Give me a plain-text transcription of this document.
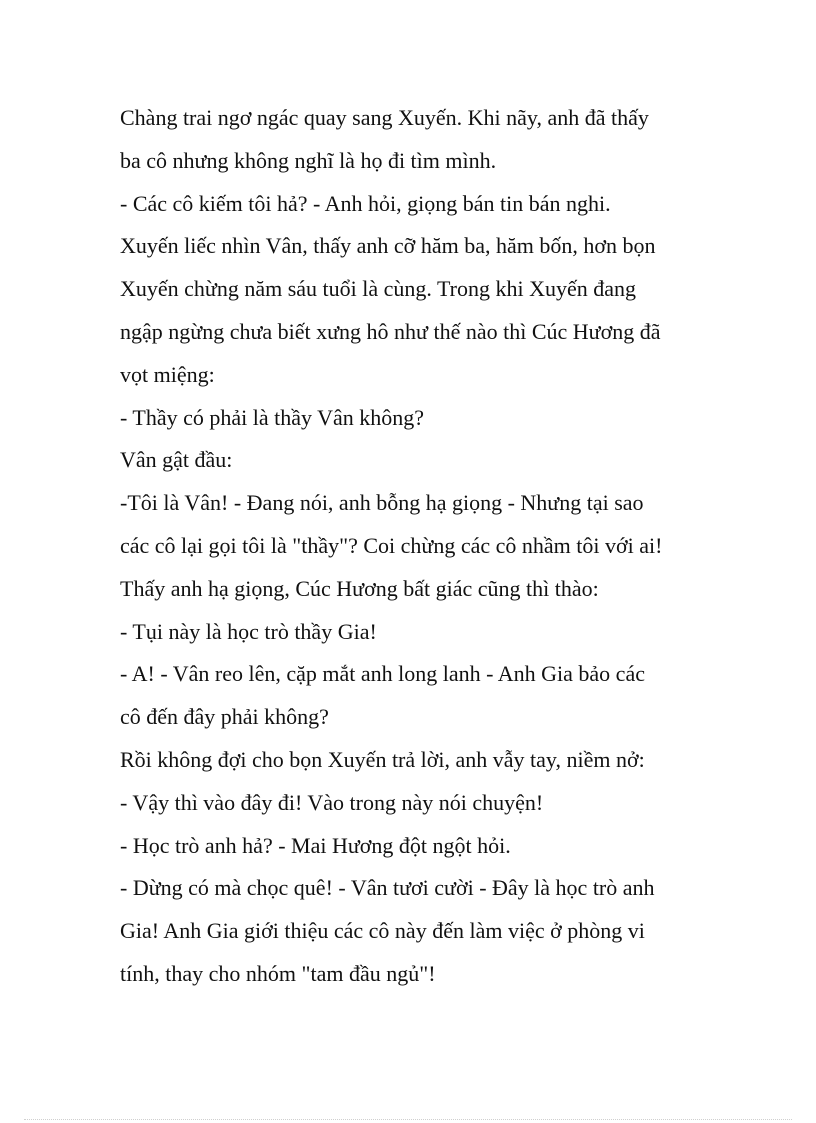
Chàng trai ngơ ngác quay sang Xuyến. Khi nãy, anh đã thấy
ba cô nhưng không nghĩ là họ đi tìm mình.
- Các cô kiếm tôi hả? - Anh hỏi, giọng bán tin bán nghi.
Xuyến liếc nhìn Vân, thấy anh cỡ hăm ba, hăm bốn, hơn bọn
Xuyến chừng năm sáu tuổi là cùng. Trong khi Xuyến đang
ngập ngừng chưa biết xưng hô như thế nào thì Cúc Hương đã
vọt miệng:
- Thầy có phải là thầy Vân không?
Vân gật đầu:
-Tôi là Vân! - Đang nói, anh bỗng hạ giọng - Nhưng tại sao
các cô lại gọi tôi là "thầy"? Coi chừng các cô nhầm tôi với ai!
Thấy anh hạ giọng, Cúc Hương bất giác cũng thì thào:
- Tụi này là học trò thầy Gia!
- A! - Vân reo lên, cặp mắt anh long lanh - Anh Gia bảo các
cô đến đây phải không?
Rồi không đợi cho bọn Xuyến trả lời, anh vẫy tay, niềm nở:
- Vậy thì vào đây đi! Vào trong này nói chuyện!
- Học trò anh hả? - Mai Hương đột ngột hỏi.
- Dừng có mà chọc quê! - Vân tươi cười - Đây là học trò anh
Gia! Anh Gia giới thiệu các cô này đến làm việc ở phòng vi
tính, thay cho nhóm "tam đầu ngủ"!
